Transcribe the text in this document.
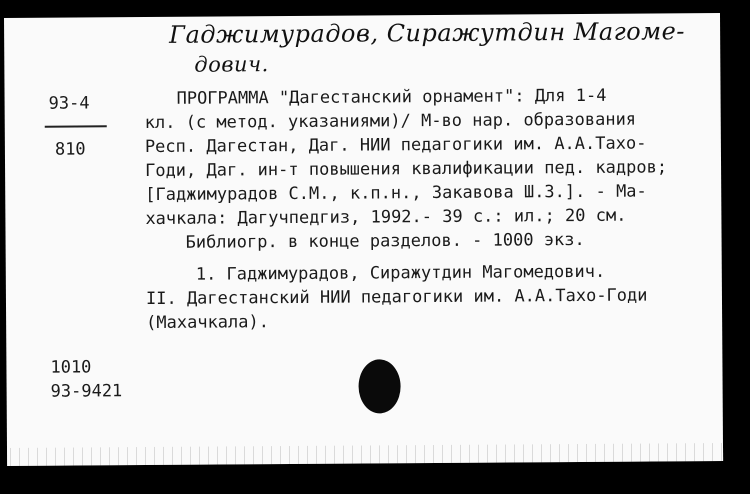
Гаджимурадов, Сиражутдин Магоме-
дович.
93-4
810
ПРОГРАММА "Дагестанский орнамент": Для 1-4
кл. (с метод. указаниями)/ М-во нар. образования
Респ. Дагестан, Даг. НИИ педагогики им. А.А.Тахо-
Годи, Даг. ин-т повышения квалификации пед. кадров;
[Гаджимурадов С.М., к.п.н., Закавова Ш.З.]. - Ма-
хачкала: Дагучпедгиз, 1992.- 39 с.: ил.; 20 см.
Библиогр. в конце разделов. - 1000 экз.
1. Гаджимурадов, Сиражутдин Магомедович.
II. Дагестанский НИИ педагогики им. А.А.Тахо-Годи
(Махачкала).
1010
93-9421
